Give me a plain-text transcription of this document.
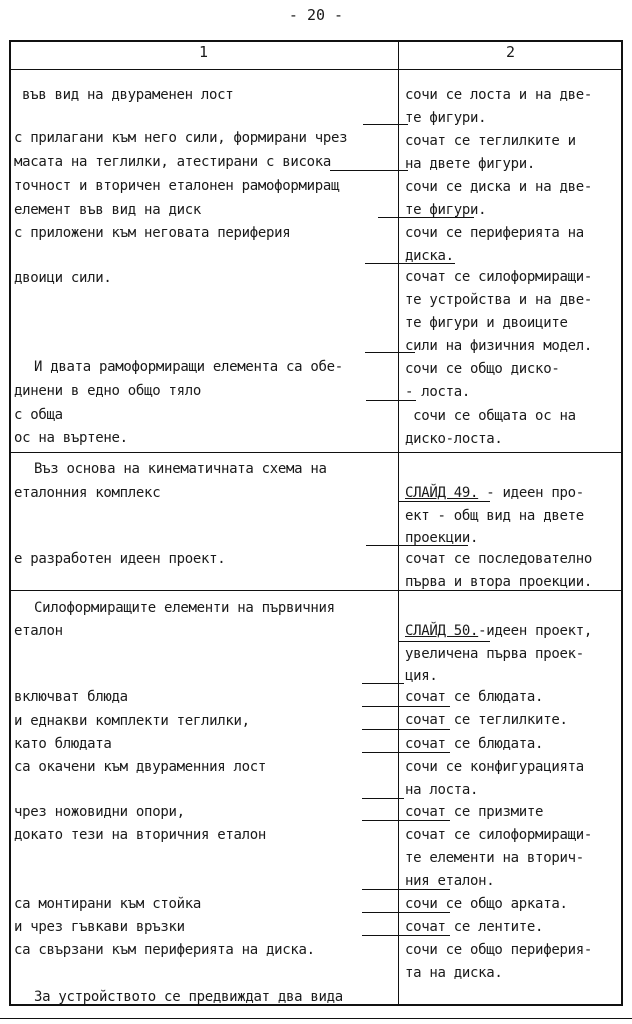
- 20 -
1	2
във вид на двураменен лост
с прилагани към него сили, формирани чрез
масата на теглилки, атестирани с висока
точност и вторичен еталонен рамоформиращ
елемент във вид на диск
с приложени към неговата периферия
двоици сили.
И двата рамоформиращи елемента са обе-
динени в едно общо тяло
с обща
ос на въртене.
сочи се лоста и на две-
те фигури.
сочат се теглилките и
на двете фигури.
сочи се диска и на две-
те фигури.
сочи се периферията на
диска.
сочат се силоформиращи-
те устройства и на две-
те фигури и двоиците
сили на физичния модел.
сочи се общо диско-
- лоста.
сочи се общата ос на
диско-лоста.
Въз основа на кинематичната схема на
еталонния комплекс
е разработен идеен проект.
СЛАЙД 49. - идеен про-
ект - общ вид на двете
проекции.
сочат се последователно
първа и втора проекции.
Силоформиращите елементи на първичния
еталон
включват блюда
и еднакви комплекти теглилки,
като блюдата
са окачени към двураменния лост
чрез ножовидни опори,
докато тези на вторичния еталон
са монтирани към стойка
и чрез гъвкави връзки
са свързани към периферията на диска.
За устройството се предвиждат два вида
СЛАЙД 50.-идеен проект,
увеличена първа проек-
ция.
сочат се блюдата.
сочат се теглилките.
сочат се блюдата.
сочи се конфигурацията
на лоста.
сочат се призмите
сочат се силоформиращи-
те елементи на вторич-
ния еталон.
сочи се общо арката.
сочат се лентите.
сочи се общо периферия-
та на диска.
